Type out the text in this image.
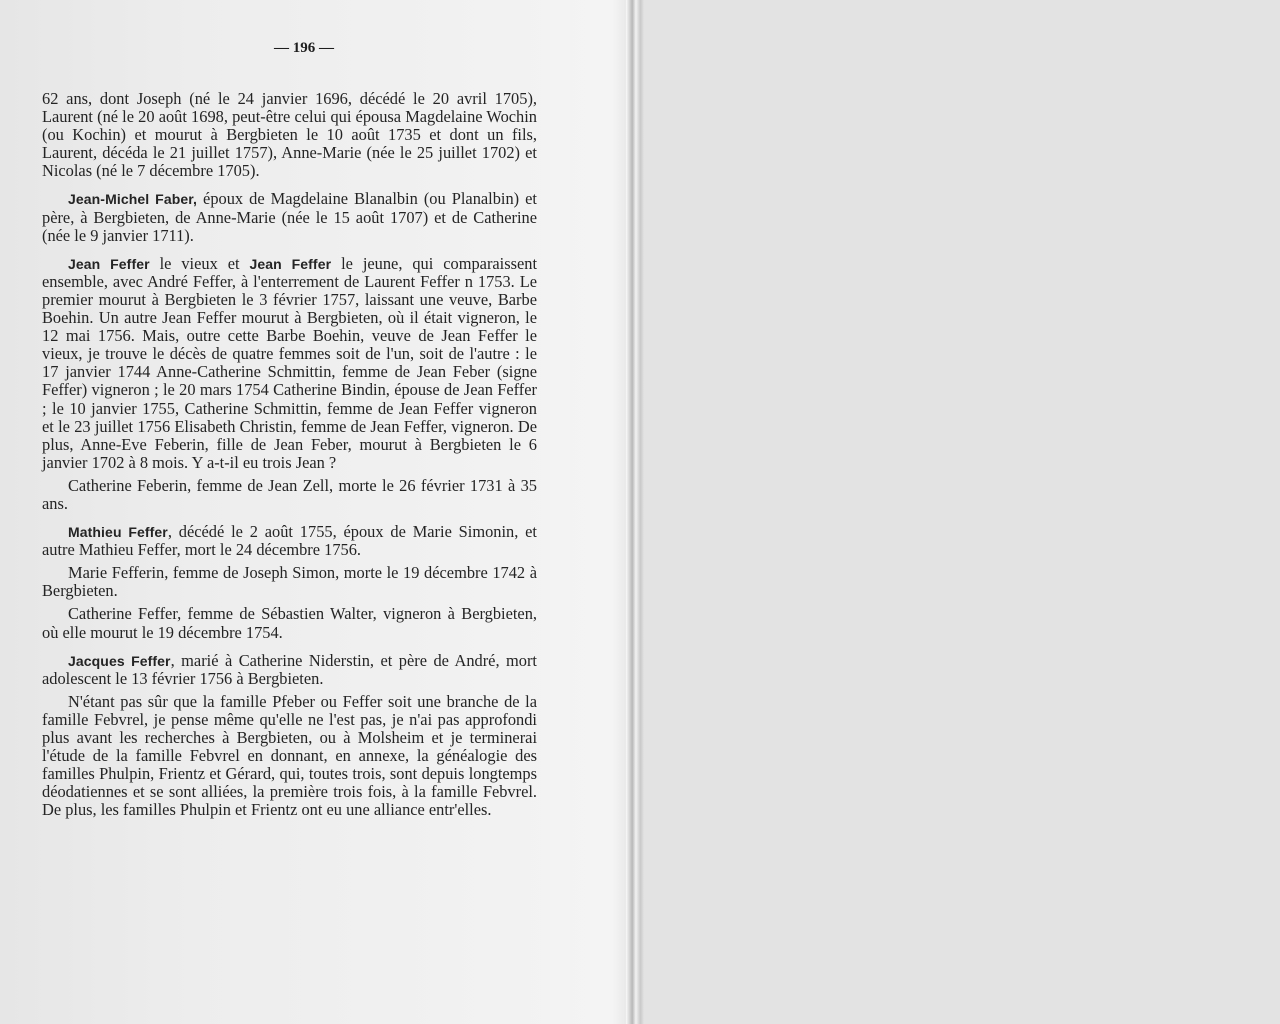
— 196 —

62 ans, dont Joseph (né le 24 janvier 1696, décédé le 20 avril 1705), Laurent (né le 20 août 1698, peut-être celui qui épousa Magdelaine Wochin (ou Kochin) et mourut à Bergbieten le 10 août 1735 et dont un fils, Laurent, décéda le 21 juillet 1757), Anne-Marie (née le 25 juillet 1702) et Nicolas (né le 7 décembre 1705).

Jean-Michel Faber, époux de Magdelaine Blanalbin (ou Planalbin) et père, à Bergbieten, de Anne-Marie (née le 15 août 1707) et de Catherine (née le 9 janvier 1711).

Jean Feffer le vieux et Jean Feffer le jeune, qui comparaissent ensemble, avec André Feffer, à l'enterrement de Laurent Feffer n 1753. Le premier mourut à Bergbieten le 3 février 1757, laissant une veuve, Barbe Boehin. Un autre Jean Feffer mourut à Bergbieten, où il était vigneron, le 12 mai 1756. Mais, outre cette Barbe Boehin, veuve de Jean Feffer le vieux, je trouve le décès de quatre femmes soit de l'un, soit de l'autre : le 17 janvier 1744 Anne-Catherine Schmittin, femme de Jean Feber (signe Feffer) vigneron ; le 20 mars 1754 Catherine Bindin, épouse de Jean Feffer ; le 10 janvier 1755, Catherine Schmittin, femme de Jean Feffer vigneron et le 23 juillet 1756 Elisabeth Christin, femme de Jean Feffer, vigneron. De plus, Anne-Eve Feberin, fille de Jean Feber, mourut à Bergbieten le 6 janvier 1702 à 8 mois. Y a-t-il eu trois Jean ?

Catherine Feberin, femme de Jean Zell, morte le 26 février 1731 à 35 ans.

Mathieu Feffer, décédé le 2 août 1755, époux de Marie Simonin, et autre Mathieu Feffer, mort le 24 décembre 1756.

Marie Fefferin, femme de Joseph Simon, morte le 19 décembre 1742 à Bergbieten.

Catherine Feffer, femme de Sébastien Walter, vigneron à Bergbieten, où elle mourut le 19 décembre 1754.

Jacques Feffer, marié à Catherine Niderstin, et père de André, mort adolescent le 13 février 1756 à Bergbieten.

N'étant pas sûr que la famille Pfeber ou Feffer soit une branche de la famille Febvrel, je pense même qu'elle ne l'est pas, je n'ai pas approfondi plus avant les recherches à Bergbieten, ou à Molsheim et je terminerai l'étude de la famille Febvrel en donnant, en annexe, la généalogie des familles Phulpin, Frientz et Gérard, qui, toutes trois, sont depuis longtemps déodatiennes et se sont alliées, la première trois fois, à la famille Febvrel. De plus, les familles Phulpin et Frientz ont eu une alliance entr'elles.
